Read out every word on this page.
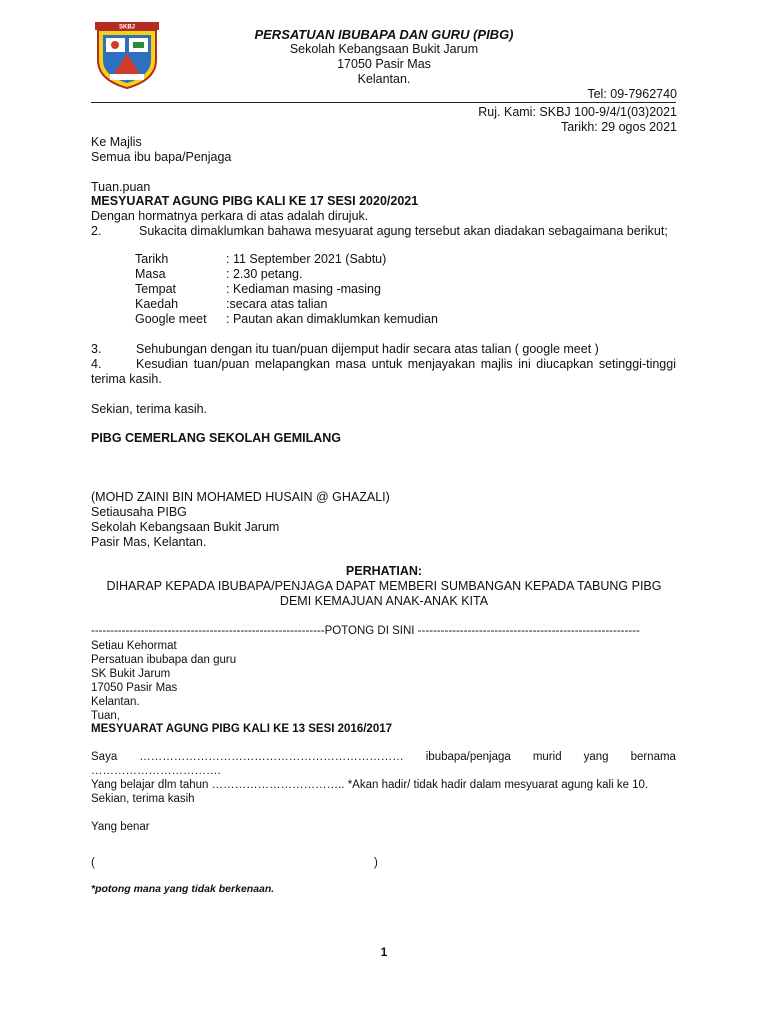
SKBJ	PERSATUAN IBUBAPA DAN GURU (PIBG)
Sekolah Kebangsaan Bukit Jarum
17050 Pasir Mas
Kelantan.
Tel: 09-7962740
Ruj. Kami: SKBJ 100-9/4/1(03)2021
Tarikh: 29 ogos 2021
Ke Majlis
Semua ibu bapa/Penjaga
Tuan.puan
MESYUARAT AGUNG PIBG KALI KE 17 SESI 2020/2021
Dengan hormatnya perkara di atas adalah dirujuk.
2.	Sukacita dimaklumkan bahawa mesyuarat agung tersebut akan diadakan sebagaimana berikut;
Tarikh	: 11 September 2021 (Sabtu)
Masa	: 2.30 petang.
Tempat	: Kediaman masing -masing
Kaedah	:secara atas talian
Google meet : Pautan akan dimaklumkan kemudian
3.	Sehubungan dengan itu tuan/puan dijemput hadir secara atas talian ( google meet )
4.	Kesudian tuan/puan melapangkan masa untuk menjayakan majlis ini diucapkan setinggi-tinggi
terima kasih.
Sekian, terima kasih.
PIBG CEMERLANG SEKOLAH GEMILANG
(MOHD ZAINI BIN MOHAMED HUSAIN @ GHAZALI)
Setiausaha PIBG
Sekolah Kebangsaan Bukit Jarum
Pasir Mas, Kelantan.
PERHATIAN:
DIHARAP KEPADA IBUBAPA/PENJAGA DAPAT MEMBERI SUMBANGAN KEPADA TABUNG PIBG
DEMI KEMAJUAN ANAK-ANAK KITA
-------------------------------------------------------------POTONG DI SINI ----------------------------------------------------------
Setiau Kehormat
Persatuan ibubapa dan guru
SK Bukit Jarum
17050 Pasir Mas
Kelantan.
Tuan,
MESYUARAT AGUNG PIBG KALI KE 13 SESI 2016/2017
Saya …………………………………………………………… ibubapa/penjaga murid yang bernama
…………………………….
Yang belajar dlm tahun …………………………….. *Akan hadir/ tidak hadir dalam mesyuarat agung kali ke 10.
Sekian, terima kasih
Yang benar
(	)
*potong mana yang tidak berkenaan.
1
